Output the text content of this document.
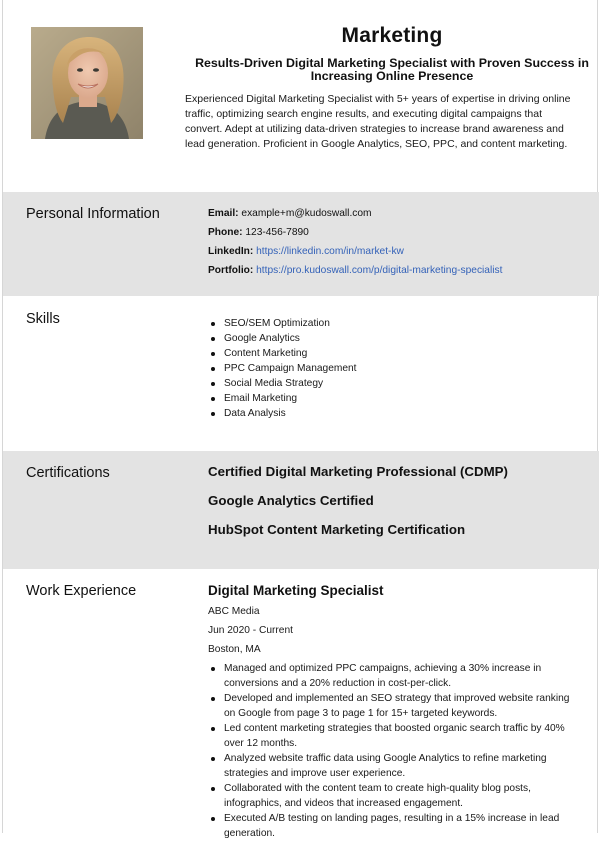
Marketing
Results-Driven Digital Marketing Specialist with Proven Success in Increasing Online Presence
Experienced Digital Marketing Specialist with 5+ years of expertise in driving online traffic, optimizing search engine results, and executing digital campaigns that convert. Adept at utilizing data-driven strategies to increase brand awareness and lead generation. Proficient in Google Analytics, SEO, PPC, and content marketing.
Personal Information	Email: example+m@kudoswall.com
Phone: 123-456-7890
LinkedIn: https://linkedin.com/in/market-kw
Portfolio: https://pro.kudoswall.com/p/digital-marketing-specialist
Skills	SEO/SEM Optimization
Google Analytics
Content Marketing
PPC Campaign Management
Social Media Strategy
Email Marketing
Data Analysis
Certifications	Certified Digital Marketing Professional (CDMP)
Google Analytics Certified
HubSpot Content Marketing Certification
Work Experience	Digital Marketing Specialist
ABC Media
Jun 2020 - Current
Boston, MA
Managed and optimized PPC campaigns, achieving a 30% increase in conversions and a 20% reduction in cost-per-click.
Developed and implemented an SEO strategy that improved website ranking on Google from page 3 to page 1 for 15+ targeted keywords.
Led content marketing strategies that boosted organic search traffic by 40% over 12 months.
Analyzed website traffic data using Google Analytics to refine marketing strategies and improve user experience.
Collaborated with the content team to create high-quality blog posts, infographics, and videos that increased engagement.
Executed A/B testing on landing pages, resulting in a 15% increase in lead generation.
